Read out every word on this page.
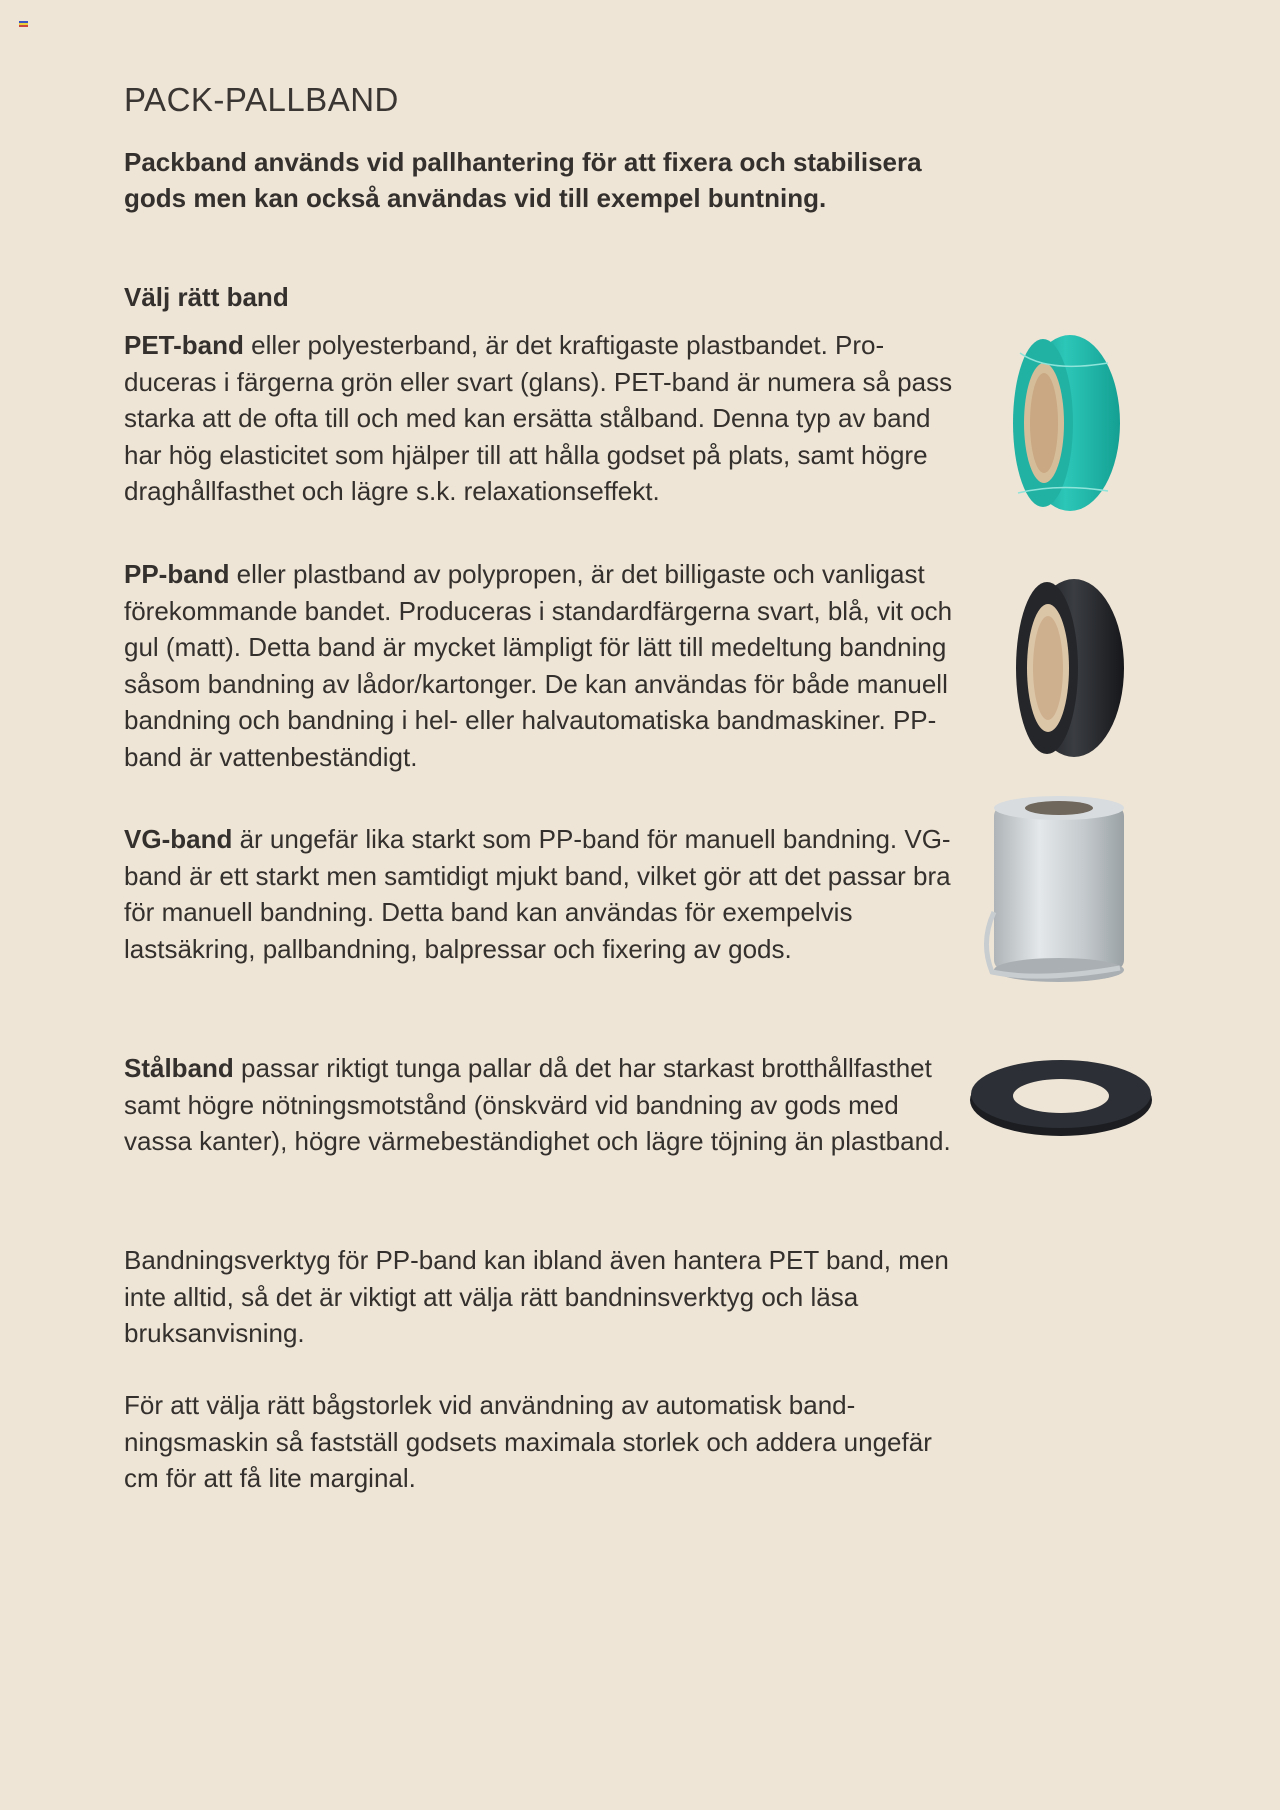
PACK-PALLBAND

Packband används vid pallhantering för att fixera och stabilisera gods men kan också användas vid till exempel buntning.

Välj rätt band

PET-band eller polyesterband, är det kraftigaste plastbandet. Produceras i färgerna grön eller svart (glans). PET-band är numera så pass starka att de ofta till och med kan ersätta stålband. Denna typ av band har hög elasticitet som hjälper till att hålla godset på plats, samt högre draghållfasthet och lägre s.k. relaxationseffekt.

PP-band eller plastband av polypropen, är det billigaste och vanligast förekommande bandet. Produceras i standardfärgerna svart, blå, vit och gul (matt). Detta band är mycket lämpligt för lätt till medeltung bandning såsom bandning av lådor/kartonger. De kan användas för både manuell bandning och bandning i hel- eller halvautomatiska bandmaskiner. PP-band är vattenbeständigt.

VG-band är ungefär lika starkt som PP-band för manuell bandning. VG-band är ett starkt men samtidigt mjukt band, vilket gör att det passar bra för manuell bandning. Detta band kan användas för exempelvis lastsäkring, pallbandning, balpressar och fixering av gods.

Stålband passar riktigt tunga pallar då det har starkast brotthållfasthet samt högre nötningsmotstånd (önskvärd vid bandning av gods med vassa kanter), högre värmebeständighet och lägre töjning än plastband.

Bandningsverktyg för PP-band kan ibland även hantera PET band, men inte alltid, så det är viktigt att välja rätt bandninsverktyg och läsa bruksanvisning.

För att välja rätt bågstorlek vid användning av automatisk bandningsmaskin så fastställ godsets maximala storlek och addera ungefär cm för att få lite marginal.
